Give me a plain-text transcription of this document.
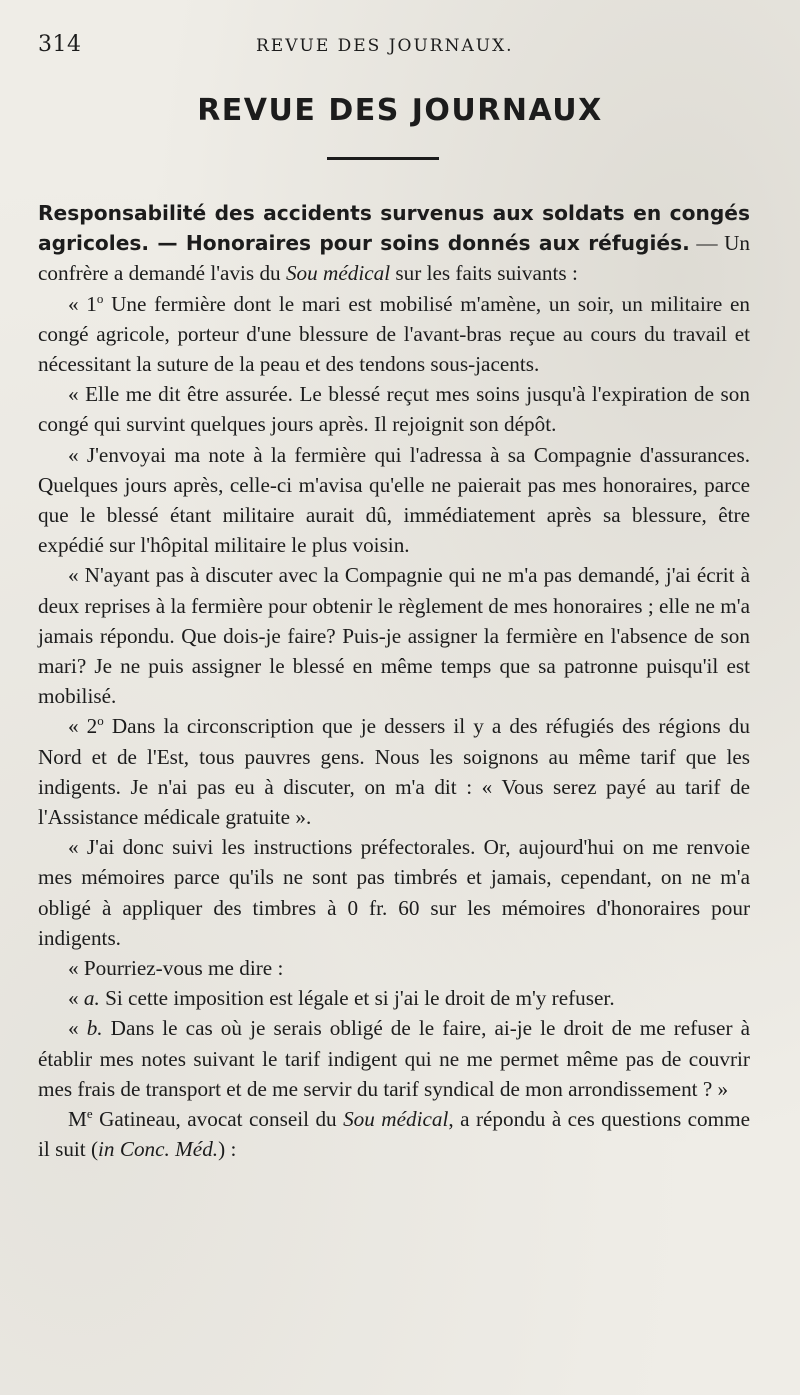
314	REVUE DES JOURNAUX.
REVUE DES JOURNAUX

Responsabilité des accidents survenus aux soldats en congés agricoles. — Honoraires pour soins donnés aux réfugiés. — Un confrère a demandé l'avis du Sou médical sur les faits suivants :

« 1$^o$ Une fermière dont le mari est mobilisé m'amène, un soir, un militaire en congé agricole, porteur d'une blessure de l'avant-bras reçue au cours du travail et nécessitant la suture de la peau et des tendons sous-jacents.

« Elle me dit être assurée. Le blessé reçut mes soins jusqu'à l'expiration de son congé qui survint quelques jours après. Il rejoignit son dépôt.

« J'envoyai ma note à la fermière qui l'adressa à sa Compagnie d'assurances. Quelques jours après, celle-ci m'avisa qu'elle ne paierait pas mes honoraires, parce que le blessé étant militaire aurait dû, immédiatement après sa blessure, être expédié sur l'hôpital militaire le plus voisin.

« N'ayant pas à discuter avec la Compagnie qui ne m'a pas demandé, j'ai écrit à deux reprises à la fermière pour obtenir le règlement de mes honoraires ; elle ne m'a jamais répondu. Que dois-je faire? Puis-je assigner la fermière en l'absence de son mari? Je ne puis assigner le blessé en même temps que sa patronne puisqu'il est mobilisé.

« 2$^o$ Dans la circonscription que je dessers il y a des réfugiés des régions du Nord et de l'Est, tous pauvres gens. Nous les soignons au même tarif que les indigents. Je n'ai pas eu à discuter, on m'a dit : « Vous serez payé au tarif de l'Assistance médicale gratuite ».

« J'ai donc suivi les instructions préfectorales. Or, aujourd'hui on me renvoie mes mémoires parce qu'ils ne sont pas timbrés et jamais, cependant, on ne m'a obligé à appliquer des timbres à 0 fr. 60 sur les mémoires d'honoraires pour indigents.

« Pourriez-vous me dire :

« a. Si cette imposition est légale et si j'ai le droit de m'y refuser.

« b. Dans le cas où je serais obligé de le faire, ai-je le droit de me refuser à établir mes notes suivant le tarif indigent qui ne me permet même pas de couvrir mes frais de transport et de me servir du tarif syndical de mon arrondissement ? »

Me Gatineau, avocat conseil du Sou médical, a répondu à ces questions comme il suit (in Conc. Méd.) :
